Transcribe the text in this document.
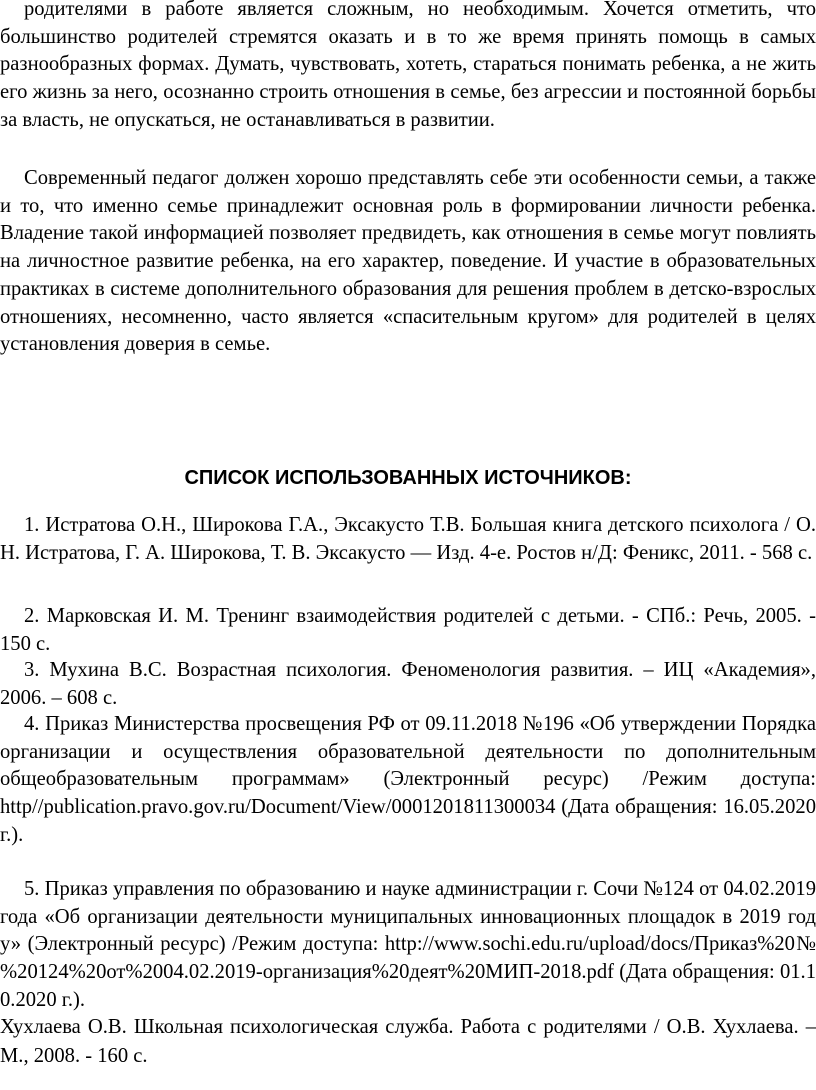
родителями в работе является сложным, но необходимым. Хочется отметить, что большинство родителей стремятся оказать и в то же время принять помощь в самых разнообразных формах. Думать, чувствовать, хотеть, стараться понимать ребенка, а не жить его жизнь за него, осознанно строить отношения в семье, без агрессии и постоянной борьбы за власть, не опускаться, не останавливаться в развитии.

Современный педагог должен хорошо представлять себе эти особенности семьи, а также и то, что именно семье принадлежит основная роль в формировании личности ребенка. Владение такой информацией позволяет предвидеть, как отношения в семье могут повлиять на личностное развитие ребенка, на его характер, поведение. И участие в образовательных практиках в системе дополнительного образования для решения проблем в детско-взрослых отношениях, несомненно, часто является «спасительным кругом» для родителей в целях установления доверия в семье.

СПИСОК ИСПОЛЬЗОВАННЫХ ИСТОЧНИКОВ:

1. Истратова О.Н., Широкова Г.А., Эксакусто Т.В. Большая книга детского психолога / О. Н. Истратова, Г. А. Широкова, Т. В. Эксакусто — Изд. 4-е. Ростов н/Д: Феникс, 2011. - 568 с.

2. Марковская И. М. Тренинг взаимодействия родителей с детьми. - СПб.: Речь, 2005. - 150 с.

3. Мухина В.С. Возрастная психология. Феноменология развития. – ИЦ «Академия», 2006. – 608 с.

4. Приказ Министерства просвещения РФ от 09.11.2018 №196 «Об утверждении Порядка организации и осуществления образовательной деятельности по дополнительным общеобразовательным программам» (Электронный ресурс) /Режим доступа: http//publication.pravo.gov.ru/Document/View/0001201811300034 (Дата обращения: 16.05.2020 г.).

5. Приказ управления по образованию и науке администрации г. Сочи №124 от 04.02.2019 года «Об организации деятельности муниципальных инновационных площадок в 2019 году» (Электронный ресурс) /Режим доступа: http://www.sochi.edu.ru/upload/docs/Приказ%20№%20124%20от%2004.02.2019-организация%20деят%20МИП-2018.pdf (Дата обращения: 01.10.2020 г.).

Хухлаева О.В. Школьная психологическая служба. Работа с родителями / О.В. Хухлаева. – М., 2008. - 160 с.
